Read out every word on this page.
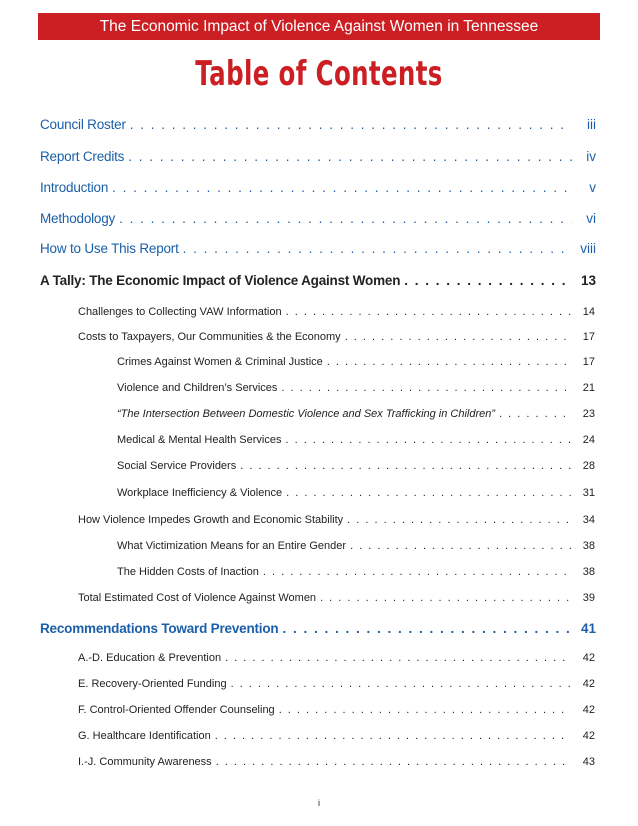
The Economic Impact of Violence Against Women in Tennessee
Table of Contents
Council Roster . . .	iii
Report Credits . . .	iv
Introduction . . .	v
Methodology . . .	vi
How to Use This Report . . .	viii
A Tally: The Economic Impact of Violence Against Women . . .	13
Challenges to Collecting VAW Information . . .	14
Costs to Taxpayers, Our Communities & the Economy . . .	17
Crimes Against Women & Criminal Justice . . .	17
Violence and Children’s Services . . .	21
“The Intersection Between Domestic Violence and Sex Trafficking in Children” . . .	23
Medical & Mental Health Services . . .	24
Social Service Providers . . .	28
Workplace Inefficiency & Violence . . .	31
How Violence Impedes Growth and Economic Stability . . .	34
What Victimization Means for an Entire Gender . . .	38
The Hidden Costs of Inaction . . .	38
Total Estimated Cost of Violence Against Women . . .	39
Recommendations Toward Prevention . . .	41
A.-D. Education & Prevention . . .	42
E. Recovery-Oriented Funding . . .	42
F. Control-Oriented Offender Counseling . . .	42
G. Healthcare Identification . . .	42
I.-J. Community Awareness . . .	43
i
